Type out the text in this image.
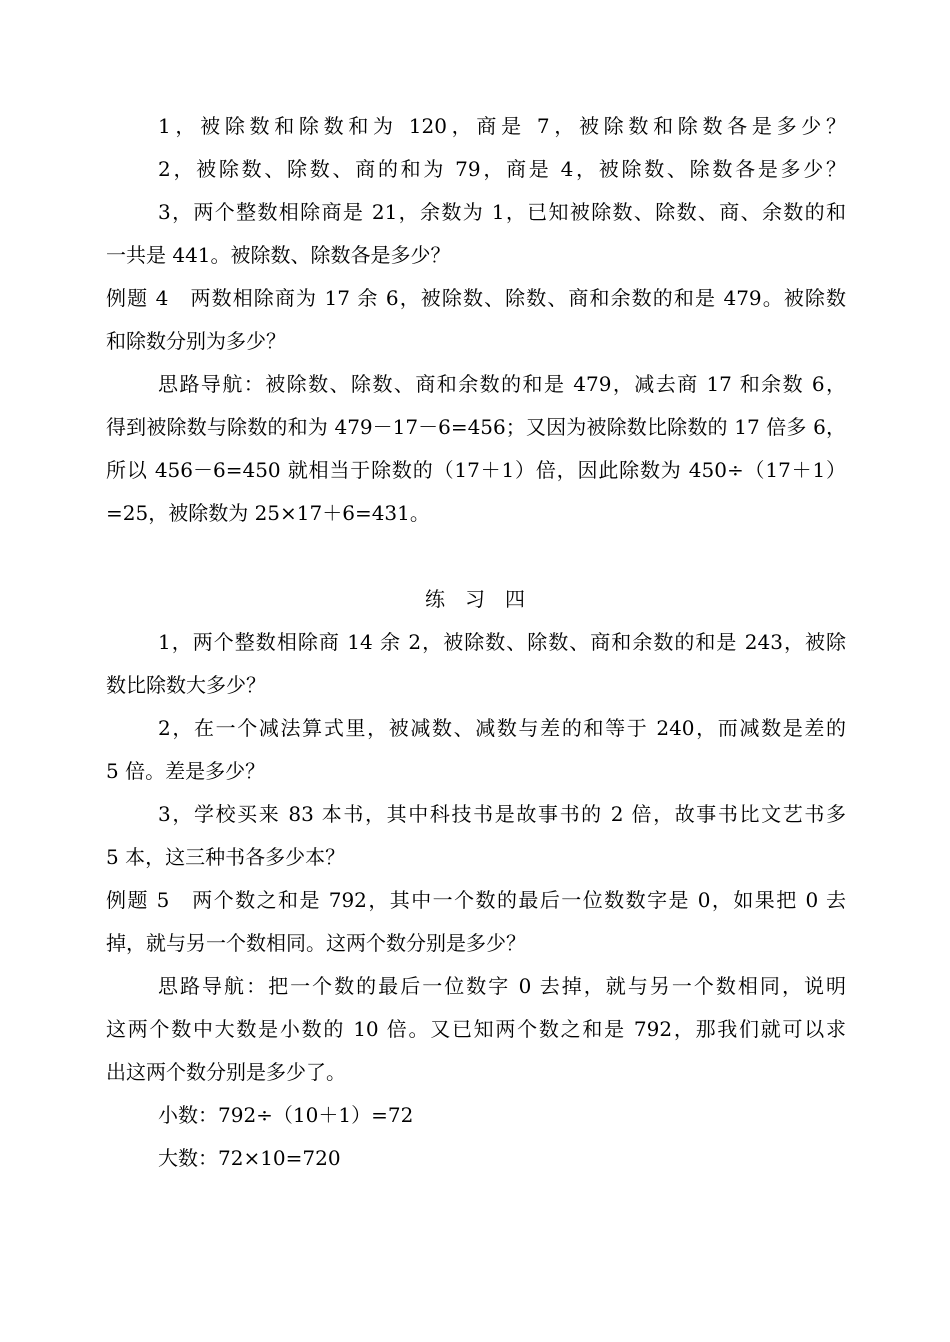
1，被除数和除数和为 120，商是 7，被除数和除数各是多少？
2，被除数、除数、商的和为 79，商是 4，被除数、除数各是多少？
3，两个整数相除商是 21，余数为 1，已知被除数、除数、商、余数的和
一共是 441。被除数、除数各是多少？
例题 4　两数相除商为 17 余 6，被除数、除数、商和余数的和是 479。被除数
和除数分别为多少？
思路导航：被除数、除数、商和余数的和是 479，减去商 17 和余数 6，
得到被除数与除数的和为 479－17－6=456；又因为被除数比除数的 17 倍多 6，
所以 456－6=450 就相当于除数的（17＋1）倍，因此除数为 450÷（17＋1）
=25，被除数为 25×17＋6=431。
练习四
1，两个整数相除商 14 余 2，被除数、除数、商和余数的和是 243，被除
数比除数大多少？
2，在一个减法算式里，被减数、减数与差的和等于 240，而减数是差的
5 倍。差是多少？
3，学校买来 83 本书，其中科技书是故事书的 2 倍，故事书比文艺书多
5 本，这三种书各多少本？
例题 5　两个数之和是 792，其中一个数的最后一位数数字是 0，如果把 0 去
掉，就与另一个数相同。这两个数分别是多少？
思路导航：把一个数的最后一位数字 0 去掉，就与另一个数相同，说明
这两个数中大数是小数的 10 倍。又已知两个数之和是 792，那我们就可以求
出这两个数分别是多少了。
小数：792÷（10＋1）=72
大数：72×10=720
